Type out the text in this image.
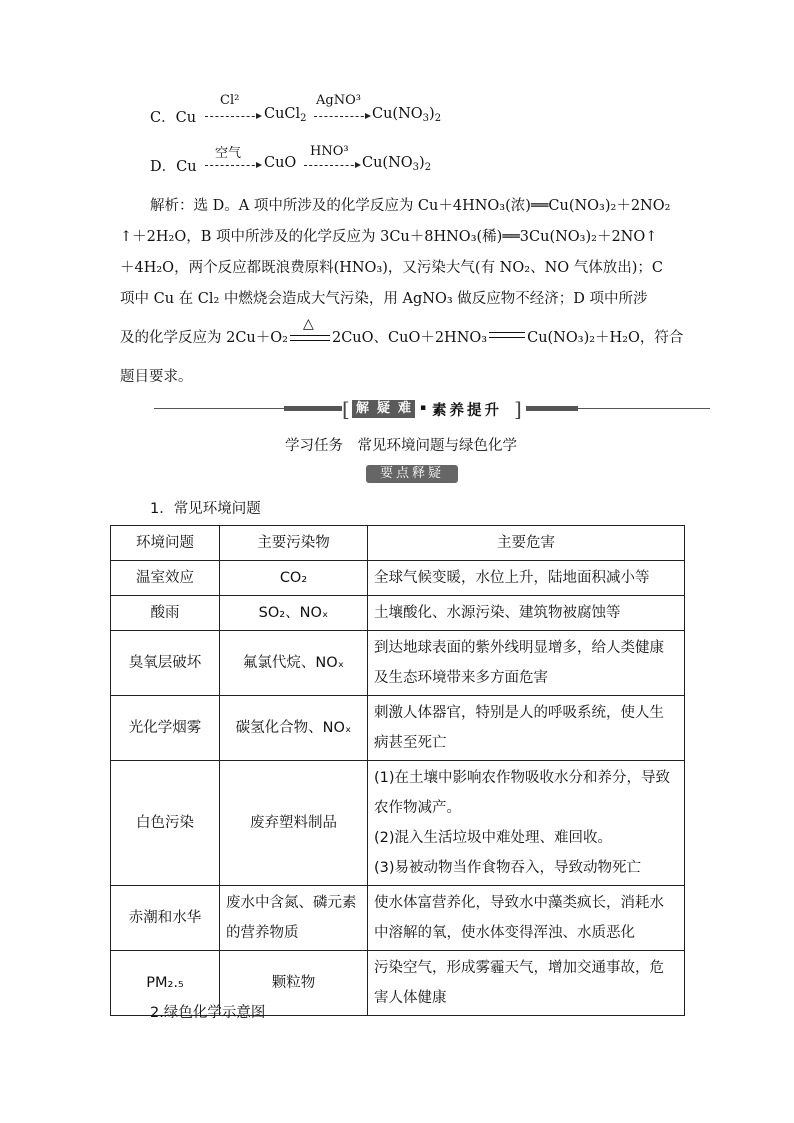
C．Cu
Cl²
→ CuCl$_2$
AgNO³
→ $Cu(NO_3)_2$
D．Cu
空气
→ CuO
HNO³
→ $Cu(NO_3)_2$
解析：选 D。A 项中所涉及的化学反应为 Cu＋4HNO₃(浓)══Cu(NO₃)₂＋2NO₂
↑＋2H₂O，B 项中所涉及的化学反应为 3Cu＋8HNO₃(稀)══3Cu(NO₃)₂＋2NO↑
＋4H₂O，两个反应都既浪费原料(HNO₃)，又污染大气(有 NO₂、NO 气体放出)；C
项中 Cu 在 Cl₂ 中燃烧会造成大气污染，用 AgNO₃ 做反应物不经济；D 项中所涉
及的化学反应为 2Cu＋O₂
△
2CuO、CuO＋2HNO₃	Cu(NO₃)₂＋H₂O，符合
题目要求。
[ 解 疑 难 ▪ 素养提升 ]
学习任务　常见环境问题与绿色化学
要点释疑
1．常见环境问题
环境问题	主要污染物	主要危害
温室效应	CO₂	全球气候变暖，水位上升，陆地面积减小等
酸雨	SO₂、NOₓ	土壤酸化、水源污染、建筑物被腐蚀等
臭氧层破坏	氟氯代烷、NOₓ	到达地球表面的紫外线明显增多，给人类健康及生态环境带来多方面危害
光化学烟雾	碳氢化合物、NOₓ	刺激人体器官，特别是人的呼吸系统，使人生病甚至死亡
白色污染	废弃塑料制品	(1)在土壤中影响农作物吸收水分和养分，导致农作物减产。
(2)混入生活垃圾中难处理、难回收。
(3)易被动物当作食物吞入，导致动物死亡

赤潮和水华	废水中含氮、磷元素的营养物质	使水体富营养化，导致水中藻类疯长，消耗水中溶解的氧，使水体变得浑浊、水质恶化
PM₂.₅	颗粒物	污染空气，形成雾霾天气，增加交通事故，危害人体健康
2.绿色化学示意图
